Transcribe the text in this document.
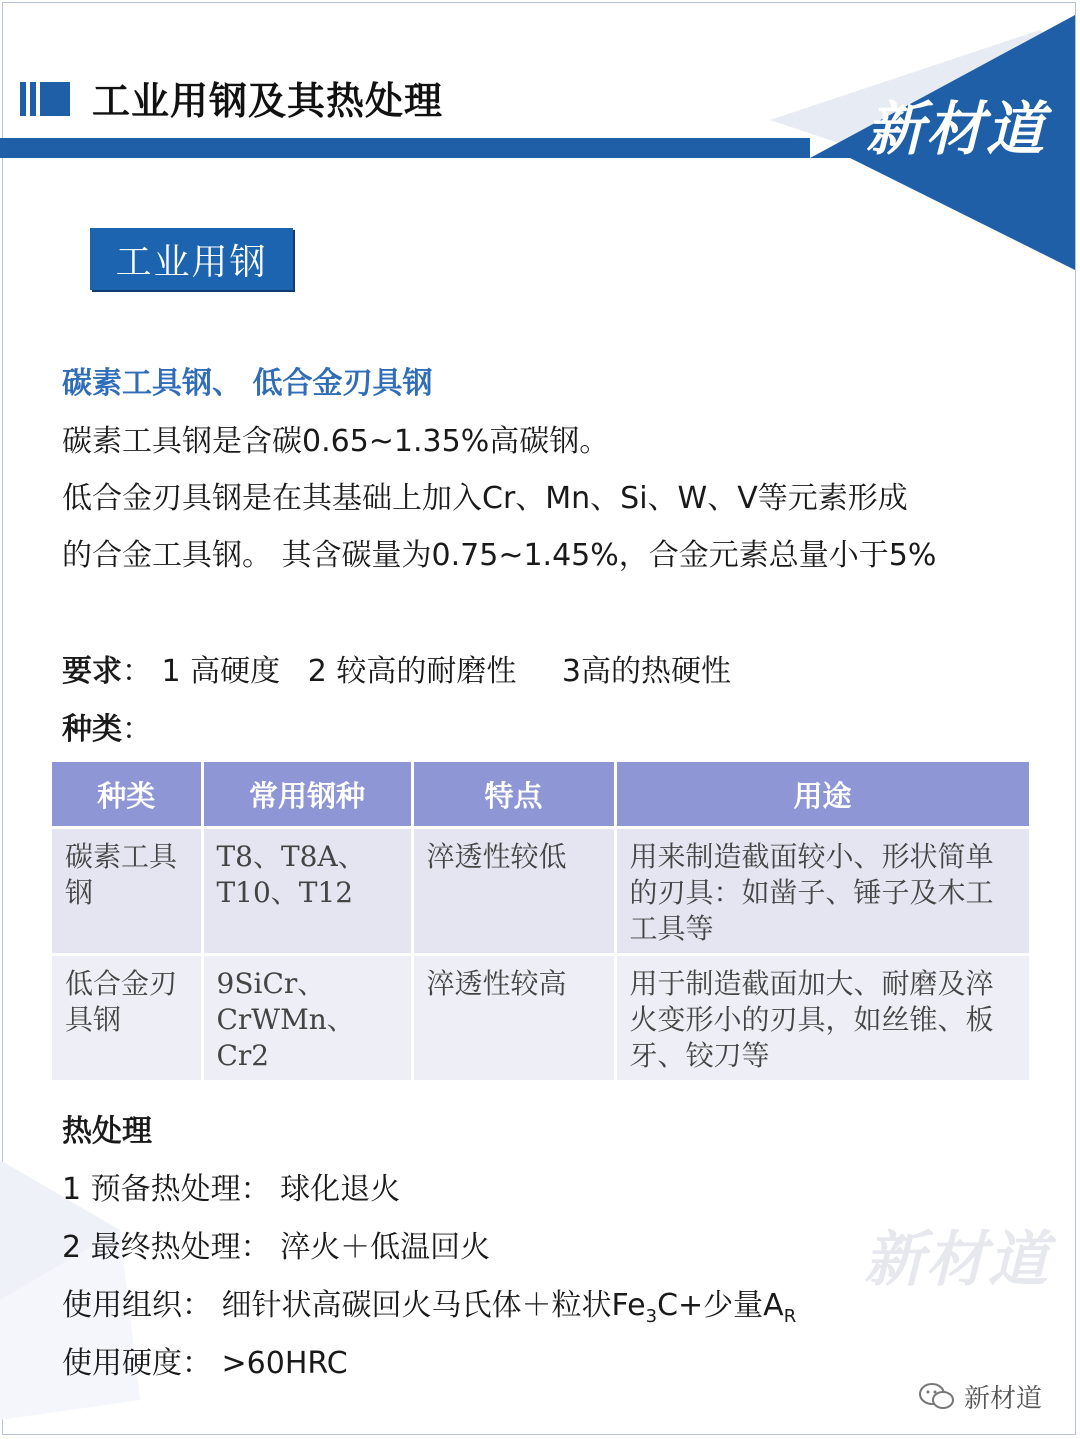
工业用钢及其热处理	新材道
工业用钢
碳素工具钢、 低合金刃具钢
碳素工具钢是含碳0.65~1.35%高碳钢。
低合金刃具钢是在其基础上加入Cr、Mn、Si、W、V等元素形成
的合金工具钢。 其含碳量为0.75~1.45%，合金元素总量小于5%
要求： 1 高硬度 2 较高的耐磨性 3高的热硬性
种类：
种类	常用钢种	特点	用途
碳素工具钢	T8、T8A、T10、T12	淬透性较低	用来制造截面较小、形状简单的刃具：如凿子、锤子及木工工具等
低合金刃具钢	9SiCr、CrWMn、Cr2	淬透性较高	用于制造截面加大、耐磨及淬火变形小的刃具，如丝锥、板牙、铰刀等
热处理
1 预备热处理： 球化退火
2 最终热处理： 淬火＋低温回火
使用组织： 细针状高碳回火马氏体＋粒状$Fe_3C+$少量$A_R$
使用硬度： >60HRC
新材道
新材道
